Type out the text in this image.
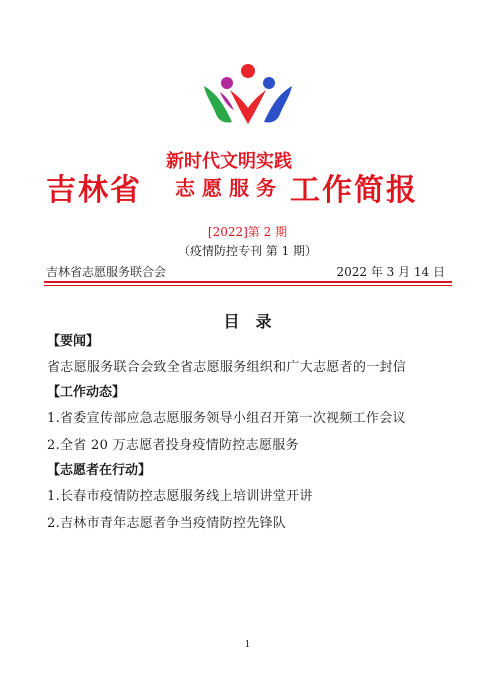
吉林省
新时代文明实践
志愿服务 工作简报
[2022]第 2 期
（疫情防控专刊 第 1 期）
吉林省志愿服务联合会	2022 年 3 月 14 日
目　录
【要闻】
省志愿服务联合会致全省志愿服务组织和广大志愿者的一封信
【工作动态】
1.省委宣传部应急志愿服务领导小组召开第一次视频工作会议
2.全省 20 万志愿者投身疫情防控志愿服务
【志愿者在行动】
1.长春市疫情防控志愿服务线上培训讲堂开讲
2.吉林市青年志愿者争当疫情防控先锋队
1
